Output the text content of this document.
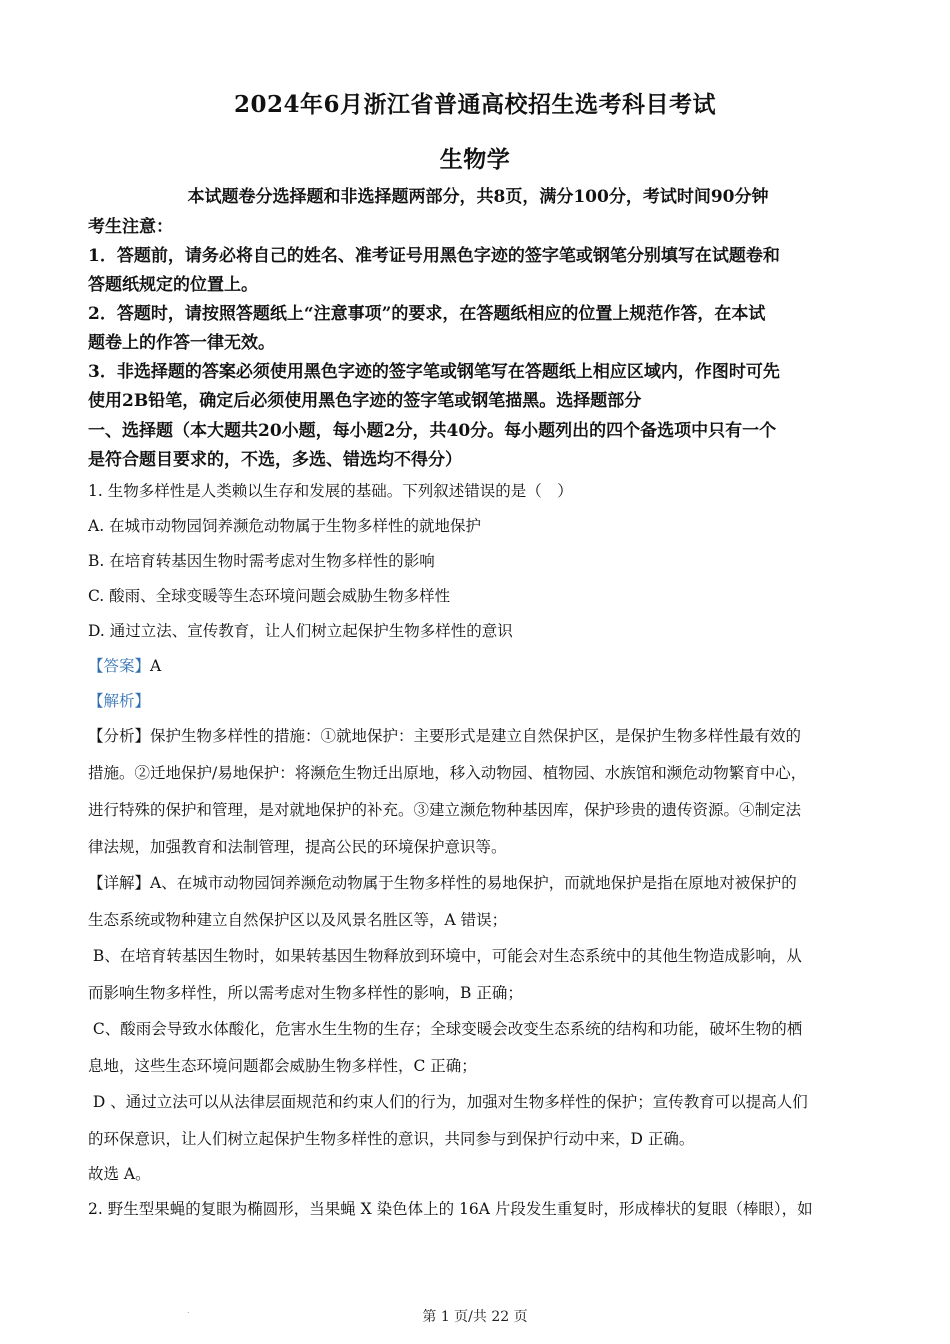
2024年6月浙江省普通高校招生选考科目考试
生物学
本试题卷分选择题和非选择题两部分，共8页，满分100分，考试时间90分钟
考生注意：
1．答题前，请务必将自己的姓名、准考证号用黑色字迹的签字笔或钢笔分别填写在试题卷和
答题纸规定的位置上。
2．答题时，请按照答题纸上“注意事项”的要求，在答题纸相应的位置上规范作答，在本试
题卷上的作答一律无效。
3．非选择题的答案必须使用黑色字迹的签字笔或钢笔写在答题纸上相应区域内，作图时可先
使用2B铅笔，确定后必须使用黑色字迹的签字笔或钢笔描黑。选择题部分
一、选择题（本大题共20小题，每小题2分，共40分。每小题列出的四个备选项中只有一个
是符合题目要求的，不选，多选、错选均不得分）
1. 生物多样性是人类赖以生存和发展的基础。下列叙述错误的是（　）
A. 在城市动物园饲养濒危动物属于生物多样性的就地保护
B. 在培育转基因生物时需考虑对生物多样性的影响
C. 酸雨、全球变暖等生态环境问题会威胁生物多样性
D. 通过立法、宣传教育，让人们树立起保护生物多样性的意识
【答案】A
【解析】
【分析】保护生物多样性的措施：①就地保护：主要形式是建立自然保护区，是保护生物多样性最有效的
措施。②迁地保护/易地保护：将濒危生物迁出原地，移入动物园、植物园、水族馆和濒危动物繁育中心，
进行特殊的保护和管理，是对就地保护的补充。③建立濒危物种基因库，保护珍贵的遗传资源。④制定法
律法规，加强教育和法制管理，提高公民的环境保护意识等。
【详解】A、在城市动物园饲养濒危动物属于生物多样性的易地保护，而就地保护是指在原地对被保护的
生态系统或物种建立自然保护区以及风景名胜区等，A 错误；
B、在培育转基因生物时，如果转基因生物释放到环境中，可能会对生态系统中的其他生物造成影响，从
而影响生物多样性，所以需考虑对生物多样性的影响，B 正确；
C、酸雨会导致水体酸化，危害水生生物的生存；全球变暖会改变生态系统的结构和功能，破坏生物的栖
息地，这些生态环境问题都会威胁生物多样性，C 正确；
D 、通过立法可以从法律层面规范和约束人们的行为，加强对生物多样性的保护；宣传教育可以提高人们
的环保意识，让人们树立起保护生物多样性的意识，共同参与到保护行动中来，D 正确。
故选 A。
2. 野生型果蝇的复眼为椭圆形，当果蝇 X 染色体上的 16A 片段发生重复时，形成棒状的复眼（棒眼），如
.	第 1 页/共 22 页
